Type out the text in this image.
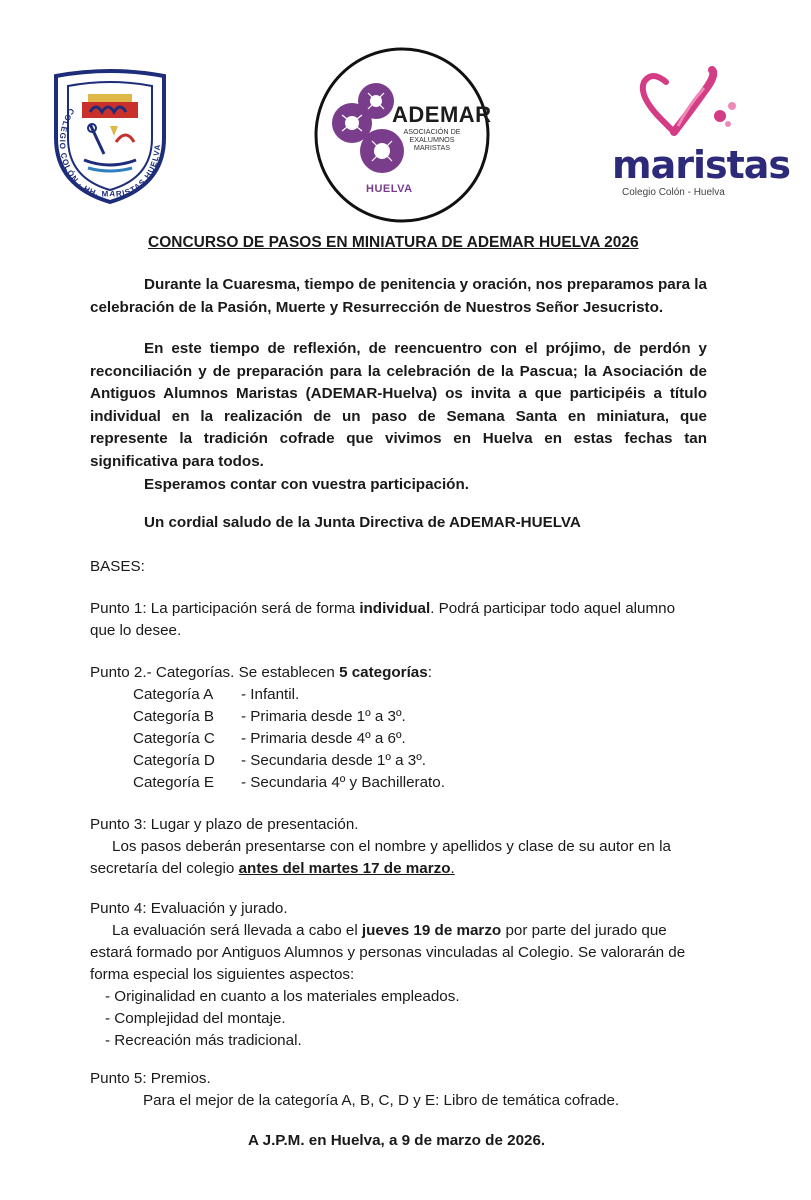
COLEGIO COLÓN · HH. MARISTAS HUELVA
ADEMAR
ASOCIACIÓN DE EXALUMNOS MARISTAS
HUELVA
maristas
Colegio Colón - Huelva
CONCURSO DE PASOS EN MINIATURA DE ADEMAR HUELVA 2026
Durante la Cuaresma, tiempo de penitencia y oración, nos preparamos para la
celebración de la Pasión, Muerte y Resurrección de Nuestros Señor Jesucristo.
En este tiempo de reflexión, de reencuentro con el prójimo, de perdón y reconciliación y de preparación para la celebración de la Pascua; la Asociación de Antiguos Alumnos Maristas (ADEMAR-Huelva) os invita a que participéis a título individual en la realización de un paso de Semana Santa en miniatura, que represente la tradición cofrade que vivimos en Huelva en estas fechas tan significativa para todos.
Esperamos contar con vuestra participación.
Un cordial saludo de la Junta Directiva de ADEMAR-HUELVA
BASES:
Punto 1: La participación será de forma individual. Podrá participar todo aquel alumno
que lo desee.
Punto 2.- Categorías. Se establecen 5 categorías:
Categoría A - Infantil.
Categoría B - Primaria desde 1º a 3º.
Categoría C - Primaria desde 4º a 6º.
Categoría D - Secundaria desde 1º a 3º.
Categoría E - Secundaria 4º y Bachillerato.
Punto 3: Lugar y plazo de presentación.
Los pasos deberán presentarse con el nombre y apellidos y clase de su autor en la
secretaría del colegio antes del martes 17 de marzo.
Punto 4: Evaluación y jurado.
La evaluación será llevada a cabo el jueves 19 de marzo por parte del jurado que
estará formado por Antiguos Alumnos y personas vinculadas al Colegio. Se valorarán de
forma especial los siguientes aspectos:
- Originalidad en cuanto a los materiales empleados.
- Complejidad del montaje.
- Recreación más tradicional.
Punto 5: Premios.
Para el mejor de la categoría A, B, C, D y E: Libro de temática cofrade.
A J.P.M. en Huelva, a 9 de marzo de 2026.
